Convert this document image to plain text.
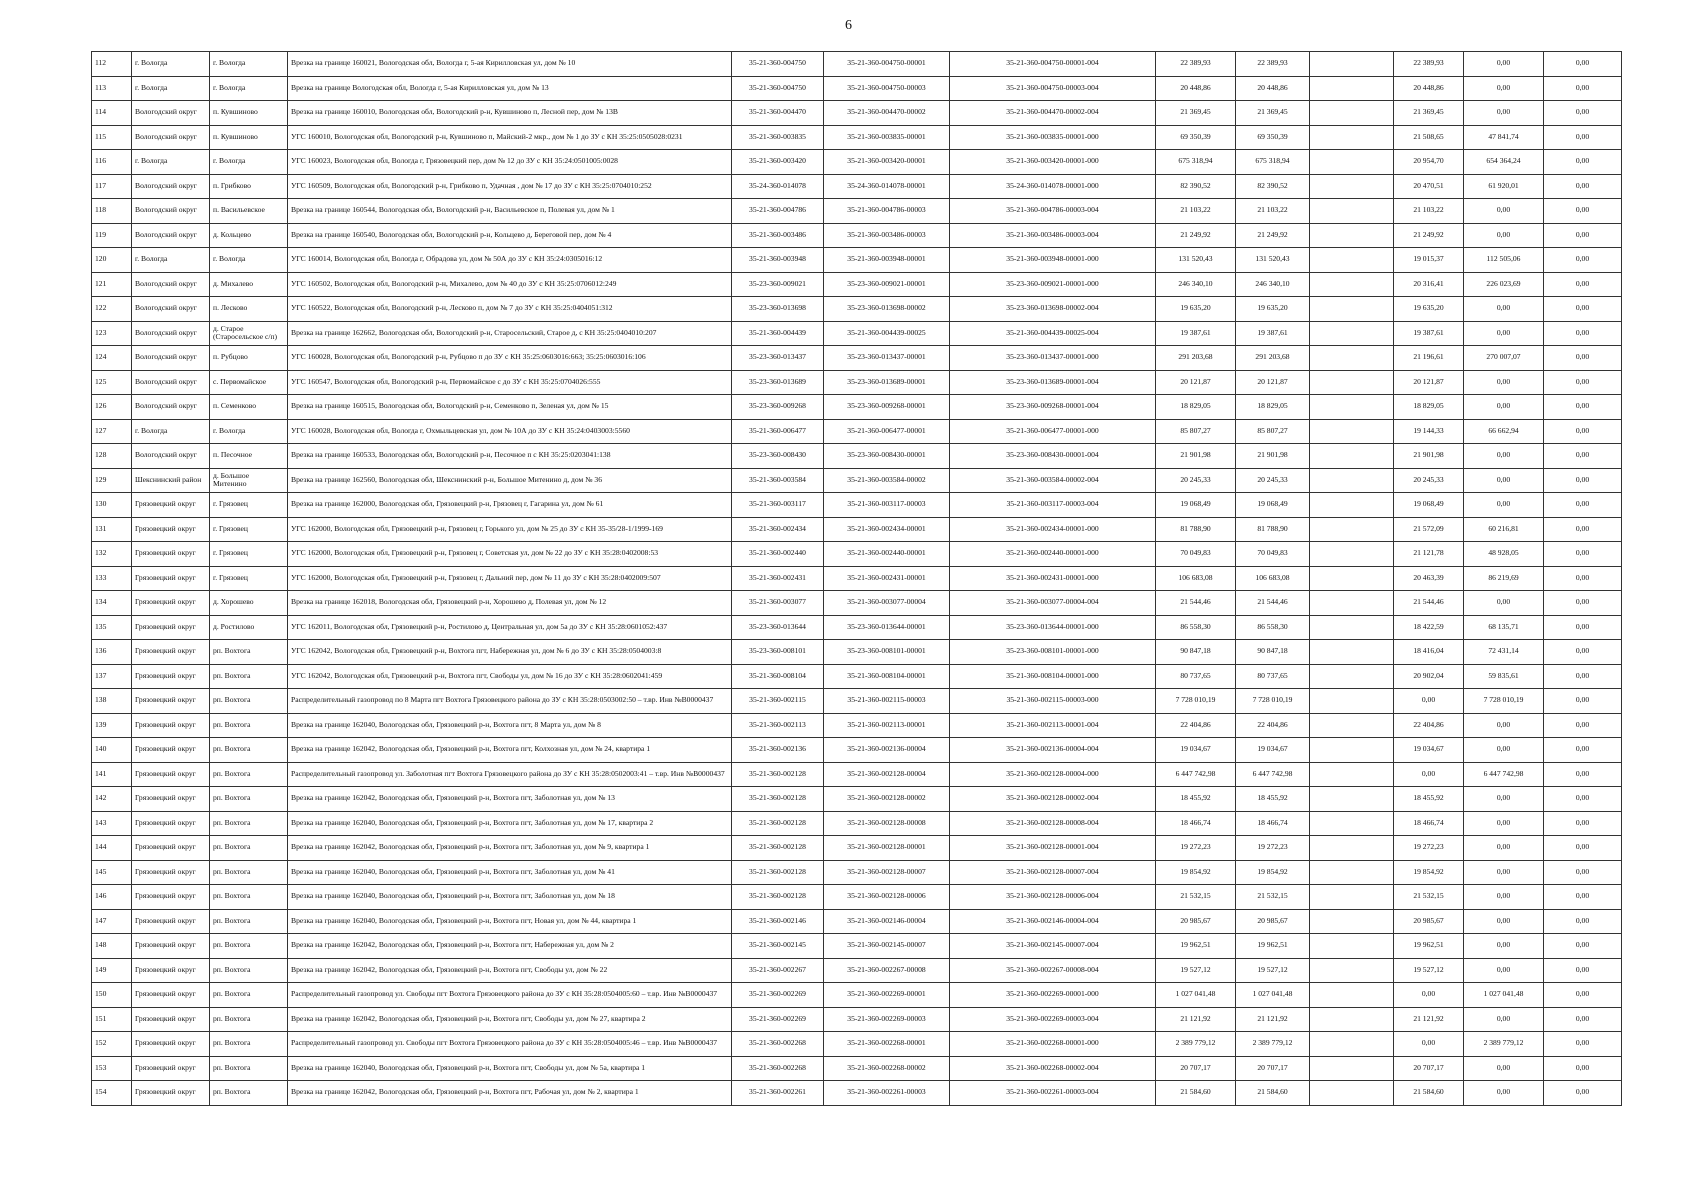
6
112	г. Вологда	г. Вологда	Врезка на границе 160021, Вологодская обл, Вологда г, 5-ая Кирилловская ул, дом № 10	35-21-360-004750	35-21-360-004750-00001	35-21-360-004750-00001-004	22 389,93	22 389,93		22 389,93	0,00	0,00
113	г. Вологда	г. Вологда	Врезка на границе Вологодская обл, Вологда г, 5-ая Кирилловская ул, дом № 13	35-21-360-004750	35-21-360-004750-00003	35-21-360-004750-00003-004	20 448,86	20 448,86		20 448,86	0,00	0,00
114	Вологодский округ	п. Кувшиново	Врезка на границе 160010, Вологодская обл, Вологодский р-н, Кувшиново п, Лесной пер, дом № 13В	35-21-360-004470	35-21-360-004470-00002	35-21-360-004470-00002-004	21 369,45	21 369,45		21 369,45	0,00	0,00
115	Вологодский округ	п. Кувшиново	УГС 160010, Вологодская обл, Вологодский р-н, Кувшиново п, Майский-2 мкр., дом № 1 до ЗУ с КН 35:25:0505028:0231	35-21-360-003835	35-21-360-003835-00001	35-21-360-003835-00001-000	69 350,39	69 350,39		21 508,65	47 841,74	0,00
116	г. Вологда	г. Вологда	УГС 160023, Вологодская обл, Вологда г, Грязовецкий пер, дом № 12 до ЗУ с КН 35:24:0501005:0028	35-21-360-003420	35-21-360-003420-00001	35-21-360-003420-00001-000	675 318,94	675 318,94		20 954,70	654 364,24	0,00
117	Вологодский округ	п. Грибково	УГС 160509, Вологодская обл, Вологодский р-н, Грибково п, Удачная , дом № 17 до ЗУ с КН 35:25:0704010:252	35-24-360-014078	35-24-360-014078-00001	35-24-360-014078-00001-000	82 390,52	82 390,52		20 470,51	61 920,01	0,00
118	Вологодский округ	п. Васильевское	Врезка на границе 160544, Вологодская обл, Вологодский р-н, Васильевское п, Полевая ул, дом № 1	35-21-360-004786	35-21-360-004786-00003	35-21-360-004786-00003-004	21 103,22	21 103,22		21 103,22	0,00	0,00
119	Вологодский округ	д. Кольцево	Врезка на границе 160540, Вологодская обл, Вологодский р-н, Кольцево д, Береговой пер, дом № 4	35-21-360-003486	35-21-360-003486-00003	35-21-360-003486-00003-004	21 249,92	21 249,92		21 249,92	0,00	0,00
120	г. Вологда	г. Вологда	УГС 160014, Вологодская обл, Вологда г, Обрадова ул, дом № 50А до ЗУ с КН 35:24:0305016:12	35-21-360-003948	35-21-360-003948-00001	35-21-360-003948-00001-000	131 520,43	131 520,43		19 015,37	112 505,06	0,00
121	Вологодский округ	д. Михалево	УГС 160502, Вологодская обл, Вологодский р-н, Михалево, дом № 40 до ЗУ с КН 35:25:0706012:249	35-23-360-009021	35-23-360-009021-00001	35-23-360-009021-00001-000	246 340,10	246 340,10		20 316,41	226 023,69	0,00
122	Вологодский округ	п. Лесково	УГС 160522, Вологодская обл, Вологодский р-н, Лесково п, дом № 7 до ЗУ с КН 35:25:0404051:312	35-23-360-013698	35-23-360-013698-00002	35-23-360-013698-00002-004	19 635,20	19 635,20		19 635,20	0,00	0,00
123	Вологодский округ	д. Старое (Старосельское с/п)	Врезка на границе 162662, Вологодская обл, Вологодский р-н, Старосельский, Старое д, с КН 35:25:0404010:207	35-21-360-004439	35-21-360-004439-00025	35-21-360-004439-00025-004	19 387,61	19 387,61		19 387,61	0,00	0,00
124	Вологодский округ	п. Рубцово	УГС 160028, Вологодская обл, Вологодский р-н, Рубцово п до ЗУ с КН 35:25:0603016:663; 35:25:0603016:106	35-23-360-013437	35-23-360-013437-00001	35-23-360-013437-00001-000	291 203,68	291 203,68		21 196,61	270 007,07	0,00
125	Вологодский округ	с. Первомайское	УГС 160547, Вологодская обл, Вологодский р-н, Первомайское с до ЗУ с КН 35:25:0704026:555	35-23-360-013689	35-23-360-013689-00001	35-23-360-013689-00001-004	20 121,87	20 121,87		20 121,87	0,00	0,00
126	Вологодский округ	п. Семенково	Врезка на границе 160515, Вологодская обл, Вологодский р-н, Семенково п, Зеленая ул, дом № 15	35-23-360-009268	35-23-360-009268-00001	35-23-360-009268-00001-004	18 829,05	18 829,05		18 829,05	0,00	0,00
127	г. Вологда	г. Вологда	УГС 160028, Вологодская обл, Вологда г, Охмыльцевская ул, дом № 10А до ЗУ с КН 35:24:0403003:5560	35-21-360-006477	35-21-360-006477-00001	35-21-360-006477-00001-000	85 807,27	85 807,27		19 144,33	66 662,94	0,00
128	Вологодский округ	п. Песочное	Врезка на границе 160533, Вологодская обл, Вологодский р-н, Песочное п с КН 35:25:0203041:138	35-23-360-008430	35-23-360-008430-00001	35-23-360-008430-00001-004	21 901,98	21 901,98		21 901,98	0,00	0,00
129	Шекснинский район	д. Большое Митенино	Врезка на границе 162560, Вологодская обл, Шекснинский р-н, Большое Митенино д, дом № 36	35-21-360-003584	35-21-360-003584-00002	35-21-360-003584-00002-004	20 245,33	20 245,33		20 245,33	0,00	0,00
130	Грязовецкий округ	г. Грязовец	Врезка на границе 162000, Вологодская обл, Грязовецкий р-н, Грязовец г, Гагарина ул, дом № 61	35-21-360-003117	35-21-360-003117-00003	35-21-360-003117-00003-004	19 068,49	19 068,49		19 068,49	0,00	0,00
131	Грязовецкий округ	г. Грязовец	УГС 162000, Вологодская обл, Грязовецкий р-н, Грязовец г, Горького ул, дом № 25 до ЗУ с КН 35-35/28-1/1999-169	35-21-360-002434	35-21-360-002434-00001	35-21-360-002434-00001-000	81 788,90	81 788,90		21 572,09	60 216,81	0,00
132	Грязовецкий округ	г. Грязовец	УГС 162000, Вологодская обл, Грязовецкий р-н, Грязовец г, Советская ул, дом № 22 до ЗУ с КН 35:28:0402008:53	35-21-360-002440	35-21-360-002440-00001	35-21-360-002440-00001-000	70 049,83	70 049,83		21 121,78	48 928,05	0,00
133	Грязовецкий округ	г. Грязовец	УГС 162000, Вологодская обл, Грязовецкий р-н, Грязовец г, Дальний пер, дом № 11 до ЗУ с КН 35:28:0402009:507	35-21-360-002431	35-21-360-002431-00001	35-21-360-002431-00001-000	106 683,08	106 683,08		20 463,39	86 219,69	0,00
134	Грязовецкий округ	д. Хорошево	Врезка на границе 162018, Вологодская обл, Грязовецкий р-н, Хорошево д, Полевая ул, дом № 12	35-21-360-003077	35-21-360-003077-00004	35-21-360-003077-00004-004	21 544,46	21 544,46		21 544,46	0,00	0,00
135	Грязовецкий округ	д. Ростилово	УГС 162011, Вологодская обл, Грязовецкий р-н, Ростилово д, Центральная ул, дом 5а до ЗУ с КН 35:28:0601052:437	35-23-360-013644	35-23-360-013644-00001	35-23-360-013644-00001-000	86 558,30	86 558,30		18 422,59	68 135,71	0,00
136	Грязовецкий округ	рп. Вохтога	УГС 162042, Вологодская обл, Грязовецкий р-н, Вохтога пгт, Набережная ул, дом № 6 до ЗУ с КН 35:28:0504003:8	35-23-360-008101	35-23-360-008101-00001	35-23-360-008101-00001-000	90 847,18	90 847,18		18 416,04	72 431,14	0,00
137	Грязовецкий округ	рп. Вохтога	УГС 162042, Вологодская обл, Грязовецкий р-н, Вохтога пгт, Свободы ул, дом № 16 до ЗУ с КН 35:28:0602041:459	35-21-360-008104	35-21-360-008104-00001	35-21-360-008104-00001-000	80 737,65	80 737,65		20 902,04	59 835,61	0,00
138	Грязовецкий округ	рп. Вохтога	Распределительный газопровод по 8 Марта пгт Вохтога Грязовецкого района до ЗУ с КН 35:28:0503002:50 – т.вр. Инв №В0000437	35-21-360-002115	35-21-360-002115-00003	35-21-360-002115-00003-000	7 728 010,19	7 728 010,19		0,00	7 728 010,19	0,00
139	Грязовецкий округ	рп. Вохтога	Врезка на границе 162040, Вологодская обл, Грязовецкий р-н, Вохтога пгт, 8 Марта ул, дом № 8	35-21-360-002113	35-21-360-002113-00001	35-21-360-002113-00001-004	22 404,86	22 404,86		22 404,86	0,00	0,00
140	Грязовецкий округ	рп. Вохтога	Врезка на границе 162042, Вологодская обл, Грязовецкий р-н, Вохтога пгт, Колхозная ул, дом № 24, квартира 1	35-21-360-002136	35-21-360-002136-00004	35-21-360-002136-00004-004	19 034,67	19 034,67		19 034,67	0,00	0,00
141	Грязовецкий округ	рп. Вохтога	Распределительный газопровод ул. Заболотная пгт Вохтога Грязовецкого района до ЗУ с КН 35:28:0502003:41 – т.вр. Инв №В0000437	35-21-360-002128	35-21-360-002128-00004	35-21-360-002128-00004-000	6 447 742,98	6 447 742,98		0,00	6 447 742,98	0,00
142	Грязовецкий округ	рп. Вохтога	Врезка на границе 162042, Вологодская обл, Грязовецкий р-н, Вохтога пгт, Заболотная ул, дом № 13	35-21-360-002128	35-21-360-002128-00002	35-21-360-002128-00002-004	18 455,92	18 455,92		18 455,92	0,00	0,00
143	Грязовецкий округ	рп. Вохтога	Врезка на границе 162040, Вологодская обл, Грязовецкий р-н, Вохтога пгт, Заболотная ул, дом № 17, квартира 2	35-21-360-002128	35-21-360-002128-00008	35-21-360-002128-00008-004	18 466,74	18 466,74		18 466,74	0,00	0,00
144	Грязовецкий округ	рп. Вохтога	Врезка на границе 162042, Вологодская обл, Грязовецкий р-н, Вохтога пгт, Заболотная ул, дом № 9, квартира 1	35-21-360-002128	35-21-360-002128-00001	35-21-360-002128-00001-004	19 272,23	19 272,23		19 272,23	0,00	0,00
145	Грязовецкий округ	рп. Вохтога	Врезка на границе 162040, Вологодская обл, Грязовецкий р-н, Вохтога пгт, Заболотная ул, дом № 41	35-21-360-002128	35-21-360-002128-00007	35-21-360-002128-00007-004	19 854,92	19 854,92		19 854,92	0,00	0,00
146	Грязовецкий округ	рп. Вохтога	Врезка на границе 162040, Вологодская обл, Грязовецкий р-н, Вохтога пгт, Заболотная ул, дом № 18	35-21-360-002128	35-21-360-002128-00006	35-21-360-002128-00006-004	21 532,15	21 532,15		21 532,15	0,00	0,00
147	Грязовецкий округ	рп. Вохтога	Врезка на границе 162040, Вологодская обл, Грязовецкий р-н, Вохтога пгт, Новая ул, дом № 44, квартира 1	35-21-360-002146	35-21-360-002146-00004	35-21-360-002146-00004-004	20 985,67	20 985,67		20 985,67	0,00	0,00
148	Грязовецкий округ	рп. Вохтога	Врезка на границе 162042, Вологодская обл, Грязовецкий р-н, Вохтога пгт, Набережная ул, дом № 2	35-21-360-002145	35-21-360-002145-00007	35-21-360-002145-00007-004	19 962,51	19 962,51		19 962,51	0,00	0,00
149	Грязовецкий округ	рп. Вохтога	Врезка на границе 162042, Вологодская обл, Грязовецкий р-н, Вохтога пгт, Свободы ул, дом № 22	35-21-360-002267	35-21-360-002267-00008	35-21-360-002267-00008-004	19 527,12	19 527,12		19 527,12	0,00	0,00
150	Грязовецкий округ	рп. Вохтога	Распределительный газопровод ул. Свободы пгт Вохтога Грязовецкого района до ЗУ с КН 35:28:0504005:60 – т.вр. Инв №В0000437	35-21-360-002269	35-21-360-002269-00001	35-21-360-002269-00001-000	1 027 041,48	1 027 041,48		0,00	1 027 041,48	0,00
151	Грязовецкий округ	рп. Вохтога	Врезка на границе 162042, Вологодская обл, Грязовецкий р-н, Вохтога пгт, Свободы ул, дом № 27, квартира 2	35-21-360-002269	35-21-360-002269-00003	35-21-360-002269-00003-004	21 121,92	21 121,92		21 121,92	0,00	0,00
152	Грязовецкий округ	рп. Вохтога	Распределительный газопровод ул. Свободы пгт Вохтога Грязовецкого района до ЗУ с КН 35:28:0504005:46 – т.вр. Инв №В0000437	35-21-360-002268	35-21-360-002268-00001	35-21-360-002268-00001-000	2 389 779,12	2 389 779,12		0,00	2 389 779,12	0,00
153	Грязовецкий округ	рп. Вохтога	Врезка на границе 162040, Вологодская обл, Грязовецкий р-н, Вохтога пгт, Свободы ул, дом № 5а, квартира 1	35-21-360-002268	35-21-360-002268-00002	35-21-360-002268-00002-004	20 707,17	20 707,17		20 707,17	0,00	0,00
154	Грязовецкий округ	рп. Вохтога	Врезка на границе 162042, Вологодская обл, Грязовецкий р-н, Вохтога пгт, Рабочая ул, дом № 2, квартира 1	35-21-360-002261	35-21-360-002261-00003	35-21-360-002261-00003-004	21 584,60	21 584,60		21 584,60	0,00	0,00
